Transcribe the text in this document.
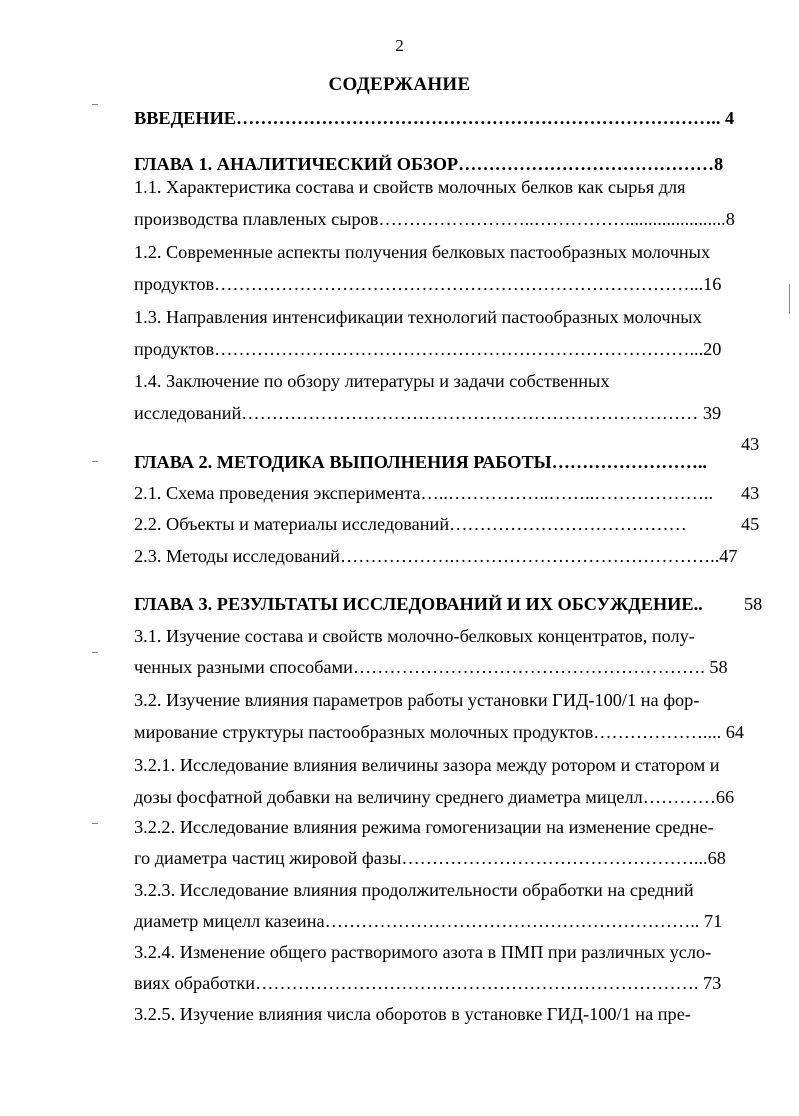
2
СОДЕРЖАНИЕ
ВВЕДЕНИЕ…………………………………………………………………….. 4
ГЛАВА 1. АНАЛИТИЧЕСКИЙ ОБЗОР……………………………………8
1.1. Характеристика состава и свойств молочных белков как сырья для
производства плавленых сыров……………………..……………......................8
1.2. Современные аспекты получения белковых пастообразных молочных
продуктов……………………………………………………………………...16
1.3. Направления интенсификации технологий пастообразных молочных
продуктов……………………………………………………………………...20
1.4. Заключение по обзору литературы и задачи собственных
исследований………………………………………………………………… 39
43
ГЛАВА 2. МЕТОДИКА ВЫПОЛНЕНИЯ РАБОТЫ……………………..
2.1. Схема проведения эксперимента…..……………..……..……………….. 43
2.2. Объекты и материалы исследований…………………………………	45
2.3. Методы исследований……………….……………………………………..47
ГЛАВА 3. РЕЗУЛЬТАТЫ ИССЛЕДОВАНИЙ И ИХ ОБСУЖДЕНИЕ.. 58
3.1. Изучение состава и свойств молочно-белковых концентратов, полу-
ченных разными способами…………………………………………………. 58
3.2. Изучение влияния параметров работы установки ГИД-100/1 на фор-
мирование структуры пастообразных молочных продуктов……………….... 64
3.2.1. Исследование влияния величины зазора между ротором и статором и
дозы фосфатной добавки на величину среднего диаметра мицелл…………66
3.2.2. Исследование влияния режима гомогенизации на изменение средне-
го диаметра частиц жировой фазы…………………………………………...68
3.2.3. Исследование влияния продолжительности обработки на средний
диаметр мицелл казеина…………………………………………………….. 71
3.2.4. Изменение общего растворимого азота в ПМП при различных усло-
виях обработки………………………………………………………………. 73
3.2.5. Изучение влияния числа оборотов в установке ГИД-100/1 на пре-
